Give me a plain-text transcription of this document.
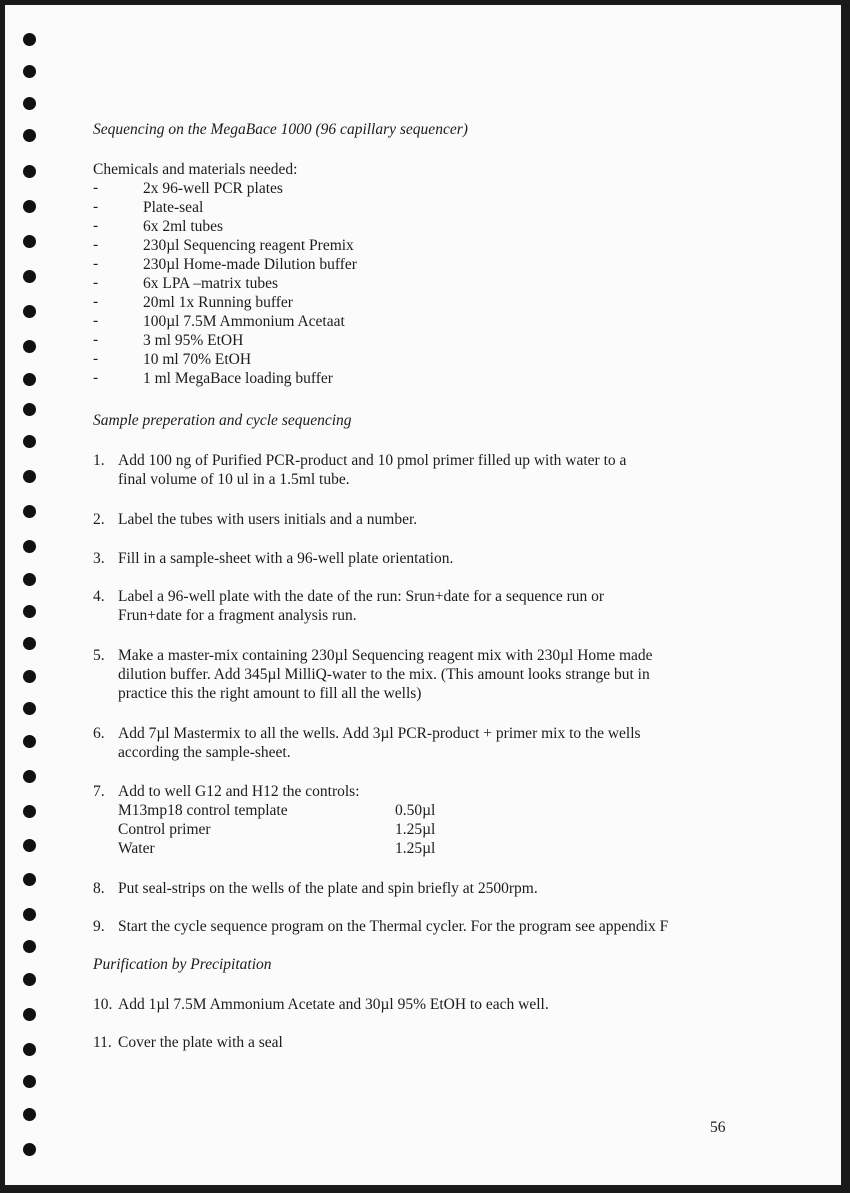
Sequencing on the MegaBace 1000 (96 capillary sequencer)
Chemicals and materials needed:
-	2x 96-well PCR plates
-	Plate-seal
-	6x 2ml tubes
-	230µl Sequencing reagent Premix
-	230µl Home-made Dilution buffer
-	6x LPA –matrix tubes
-	20ml 1x Running buffer
-	100µl 7.5M Ammonium Acetaat
-	3 ml 95% EtOH
-	10 ml 70% EtOH
-	1 ml MegaBace loading buffer
Sample preperation and cycle sequencing
1. Add 100 ng of Purified PCR-product and 10 pmol primer filled up with water to a
final volume of 10 ul in a 1.5ml tube.
2. Label the tubes with users initials and a number.
3. Fill in a sample-sheet with a 96-well plate orientation.
4. Label a 96-well plate with the date of the run: Srun+date for a sequence run or
Frun+date for a fragment analysis run.
5. Make a master-mix containing 230µl Sequencing reagent mix with 230µl Home made
dilution buffer. Add 345µl MilliQ-water to the mix. (This amount looks strange but in
practice this the right amount to fill all the wells)
6. Add 7µl Mastermix to all the wells. Add 3µl PCR-product + primer mix to the wells
according the sample-sheet.
7. Add to well G12 and H12 the controls:
M13mp18 control template	0.50µl
Control primer	1.25µl
Water	1.25µl
8. Put seal-strips on the wells of the plate and spin briefly at 2500rpm.
9. Start the cycle sequence program on the Thermal cycler. For the program see appendix F
Purification by Precipitation
10. Add 1µl 7.5M Ammonium Acetate and 30µl 95% EtOH to each well.
11. Cover the plate with a seal
56
